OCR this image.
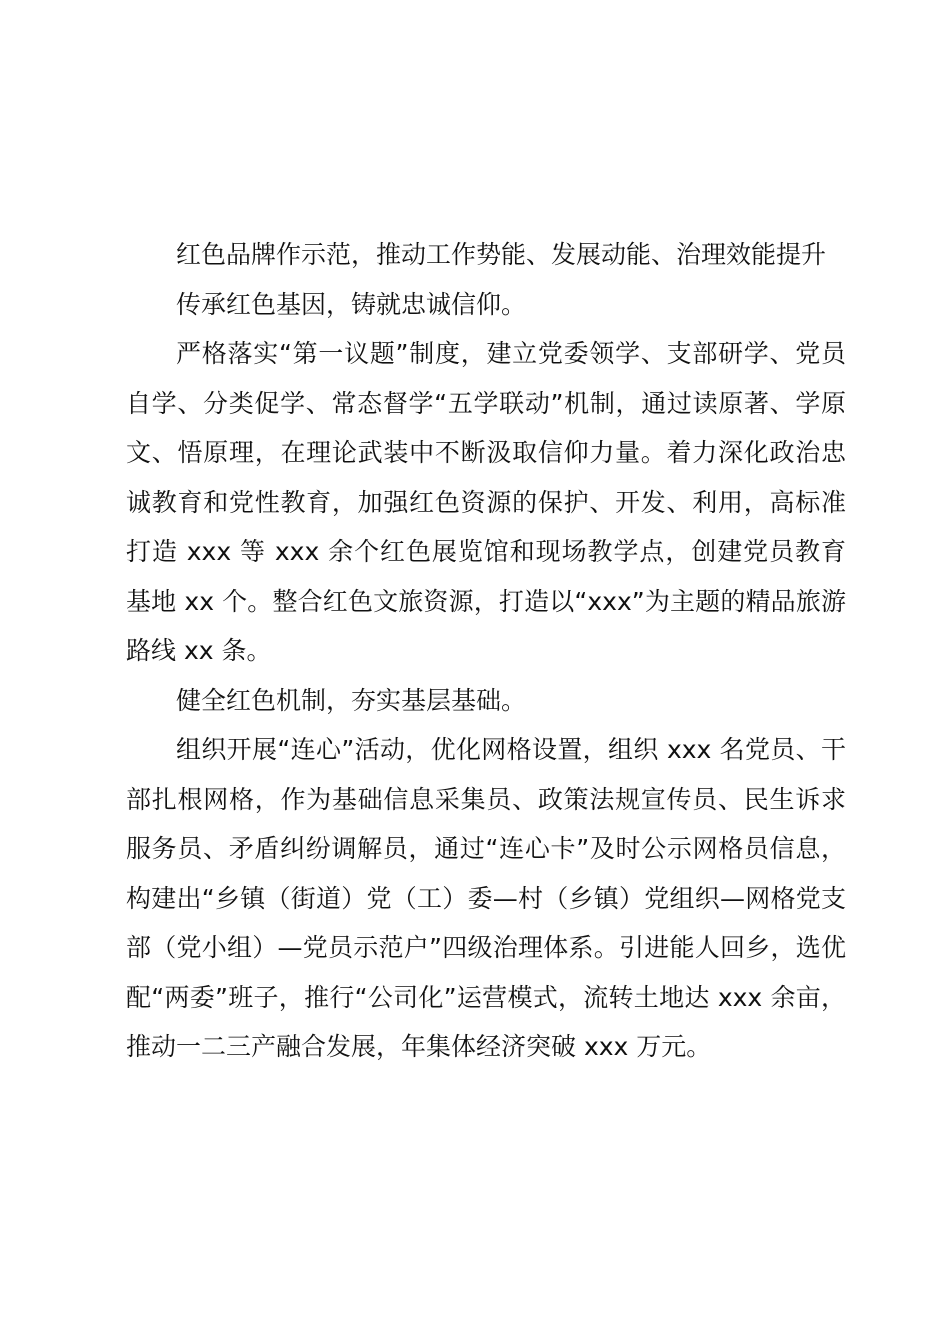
红色品牌作示范，推动工作势能、发展动能、治理效能提升

传承红色基因，铸就忠诚信仰。

严格落实“第一议题”制度，建立党委领学、支部研学、党员自学、分类促学、常态督学“五学联动”机制，通过读原著、学原文、悟原理，在理论武装中不断汲取信仰力量。着力深化政治忠诚教育和党性教育，加强红色资源的保护、开发、利用，高标准打造 xxx 等 xxx 余个红色展览馆和现场教学点，创建党员教育基地 xx 个。整合红色文旅资源，打造以“xxx”为主题的精品旅游路线 xx 条。

健全红色机制，夯实基层基础。

组织开展“连心”活动，优化网格设置，组织 xxx 名党员、干部扎根网格，作为基础信息采集员、政策法规宣传员、民生诉求服务员、矛盾纠纷调解员，通过“连心卡”及时公示网格员信息，构建出“乡镇（街道）党（工）委—村（乡镇）党组织—网格党支部（党小组）—党员示范户”四级治理体系。引进能人回乡，选优配“两委”班子，推行“公司化”运营模式，流转土地达 xxx 余亩，推动一二三产融合发展，年集体经济突破 xxx 万元。
